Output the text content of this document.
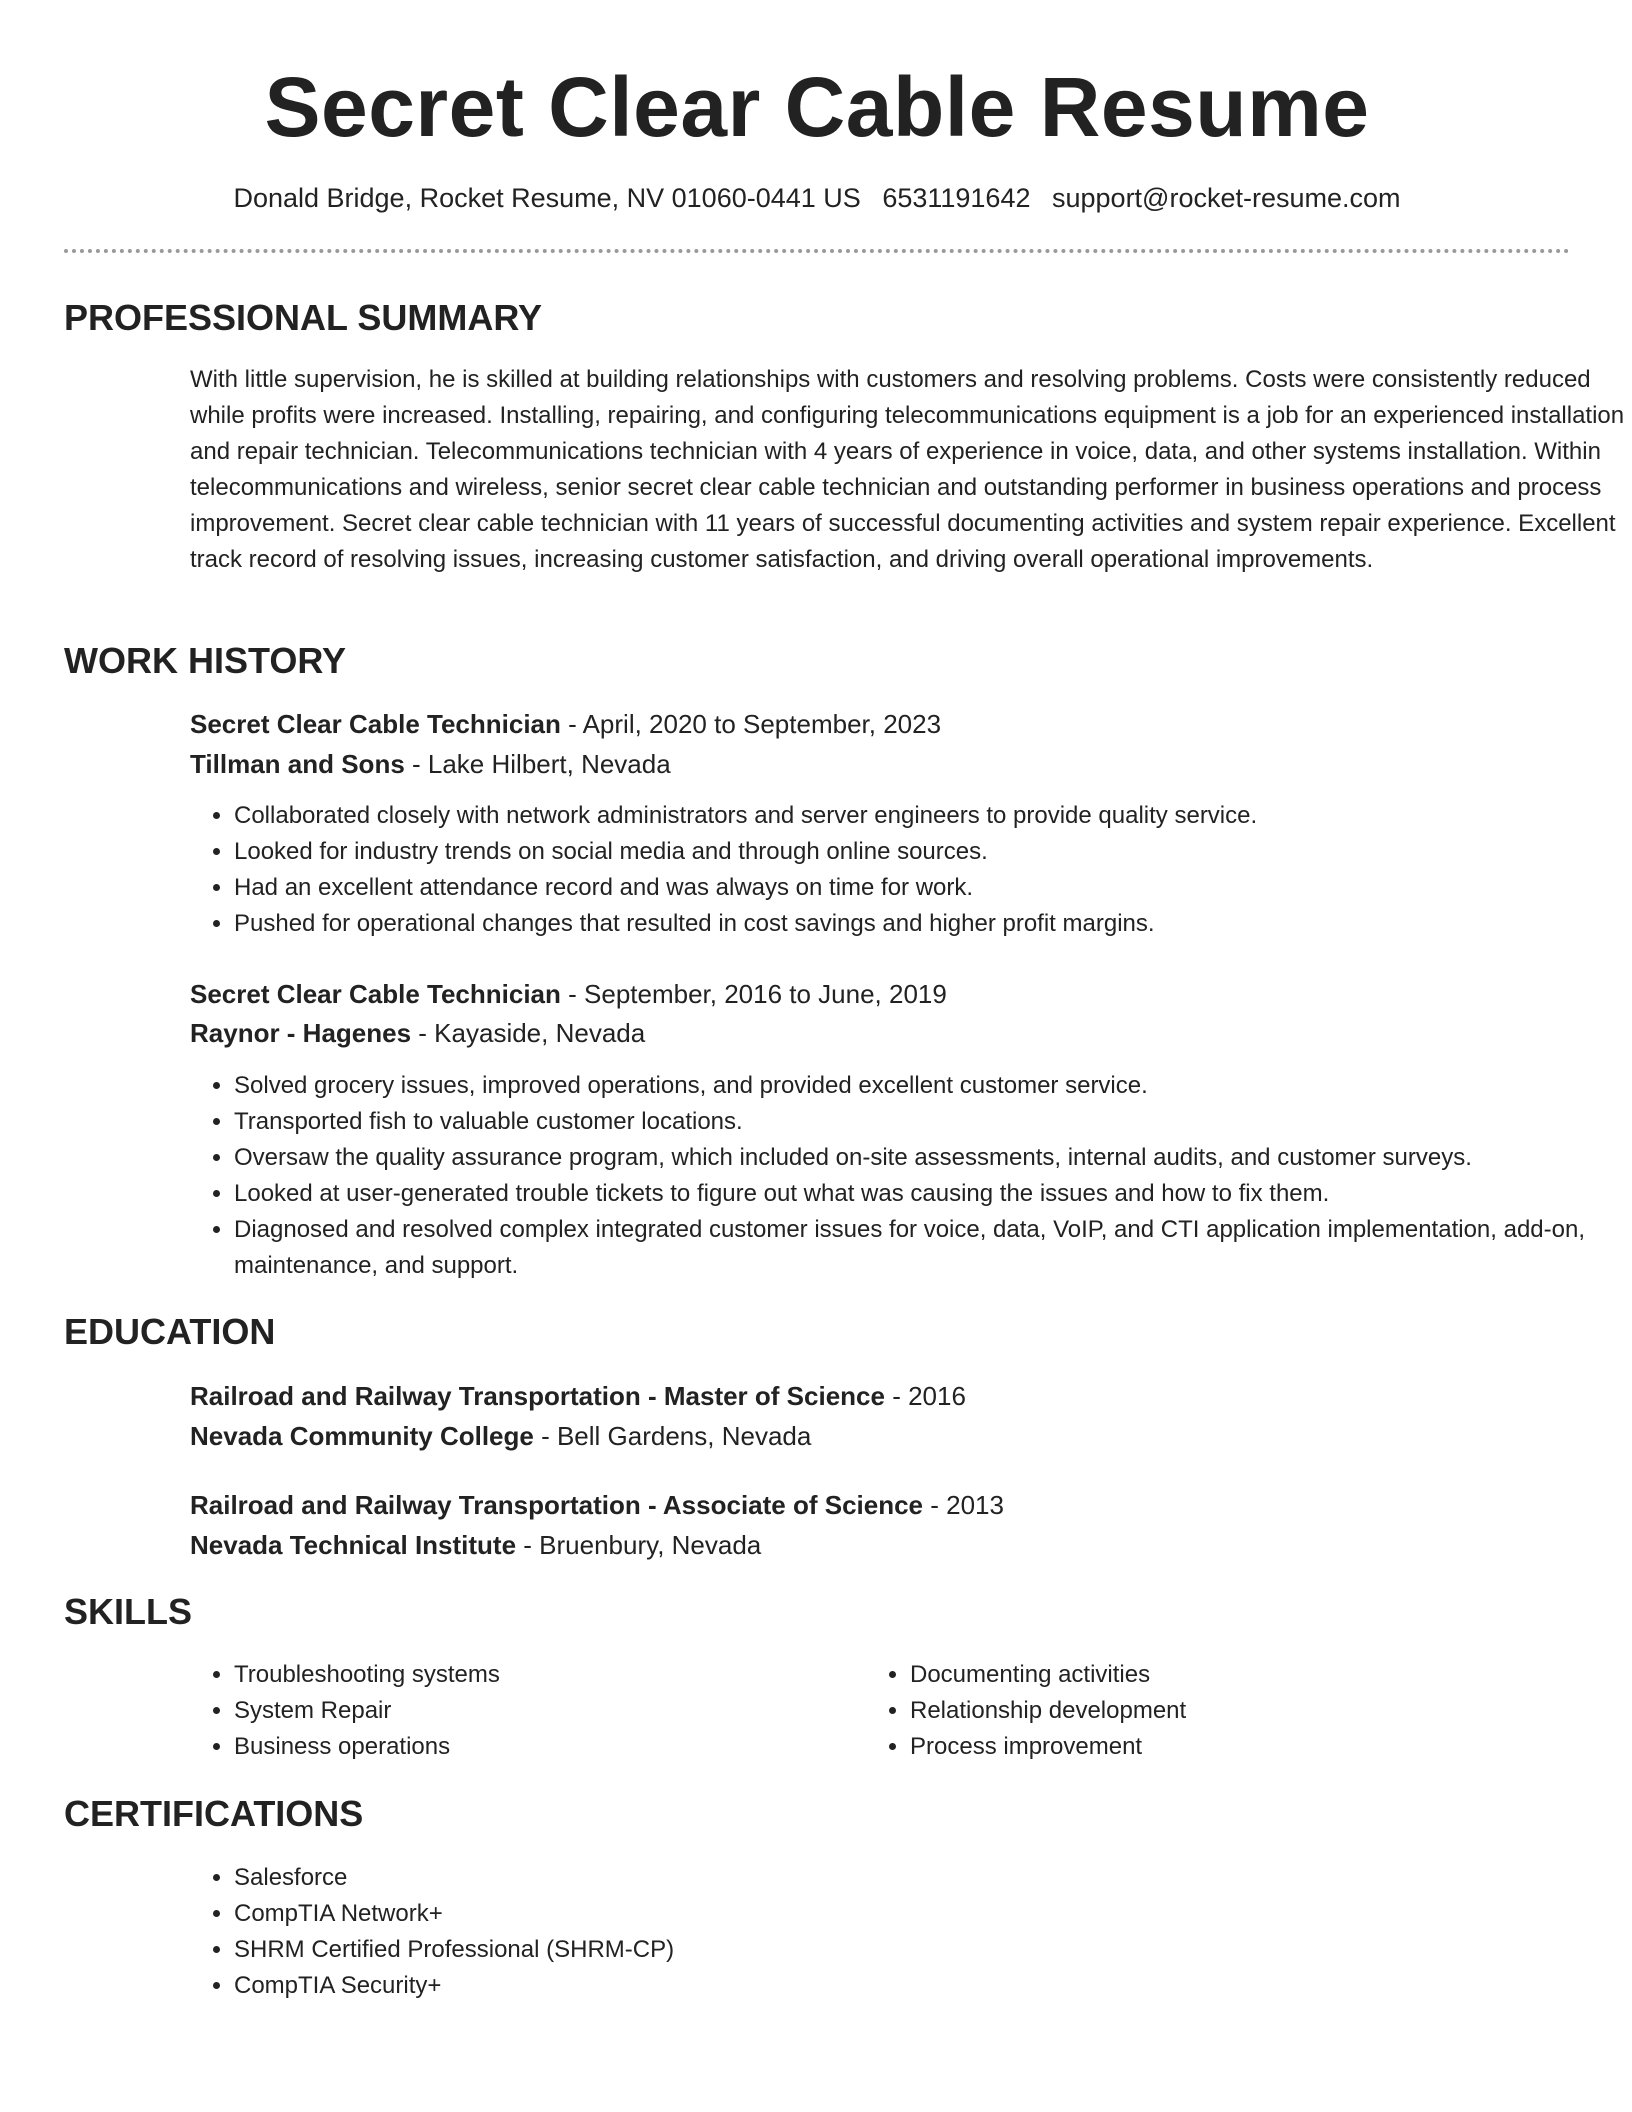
Secret Clear Cable Resume
Donald Bridge, Rocket Resume, NV 01060-0441 US 6531191642 support@rocket-resume.com
PROFESSIONAL SUMMARY

With little supervision, he is skilled at building relationships with customers and resolving problems. Costs were consistently reduced while profits were increased. Installing, repairing, and configuring telecommunications equipment is a job for an experienced installation and repair technician. Telecommunications technician with 4 years of experience in voice, data, and other systems installation. Within telecommunications and wireless, senior secret clear cable technician and outstanding performer in business operations and process improvement. Secret clear cable technician with 11 years of successful documenting activities and system repair experience. Excellent track record of resolving issues, increasing customer satisfaction, and driving overall operational improvements.

WORK HISTORY
Secret Clear Cable Technician - April, 2020 to September, 2023
Tillman and Sons - Lake Hilbert, Nevada
• Collaborated closely with network administrators and server engineers to provide quality service.
• Looked for industry trends on social media and through online sources.
• Had an excellent attendance record and was always on time for work.
• Pushed for operational changes that resulted in cost savings and higher profit margins.
Secret Clear Cable Technician - September, 2016 to June, 2019
Raynor - Hagenes - Kayaside, Nevada
• Solved grocery issues, improved operations, and provided excellent customer service.
• Transported fish to valuable customer locations.
• Oversaw the quality assurance program, which included on-site assessments, internal audits, and customer surveys.
• Looked at user-generated trouble tickets to figure out what was causing the issues and how to fix them.
• Diagnosed and resolved complex integrated customer issues for voice, data, VoIP, and CTI application implementation, add-on, maintenance, and support.
EDUCATION
Railroad and Railway Transportation - Master of Science - 2016
Nevada Community College - Bell Gardens, Nevada
Railroad and Railway Transportation - Associate of Science - 2013
Nevada Technical Institute - Bruenbury, Nevada
SKILLS
• Troubleshooting systems
• System Repair
• Business operations
• Documenting activities
• Relationship development
• Process improvement
CERTIFICATIONS
• Salesforce
• CompTIA Network+
• SHRM Certified Professional (SHRM-CP)
• CompTIA Security+
